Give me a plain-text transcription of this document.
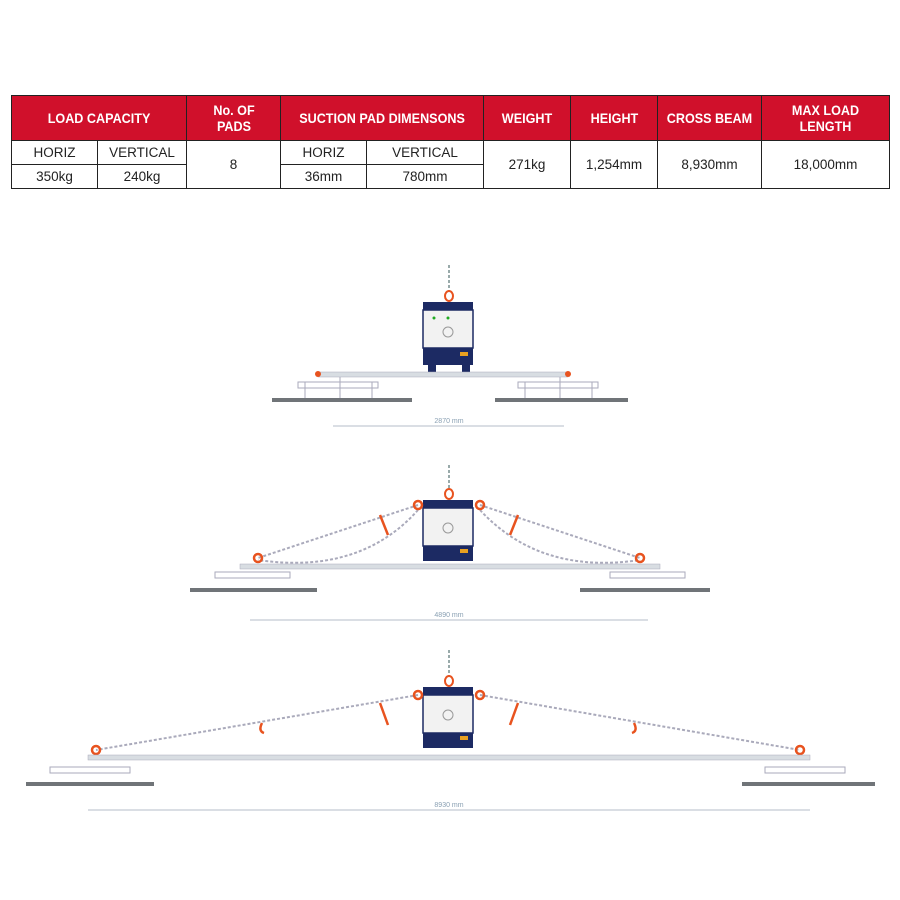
LOAD CAPACITY		No. OF PADS	SUCTION PAD DIMENSONS		WEIGHT	HEIGHT	CROSS BEAM	MAX LOAD LENGTH
HORIZ	VERTICAL	8	HORIZ	VERTICAL	271kg	1,254mm	8,930mm	18,000mm
350kg	240kg		36mm	780mm				
2870 mm
4890 mm
8930 mm
